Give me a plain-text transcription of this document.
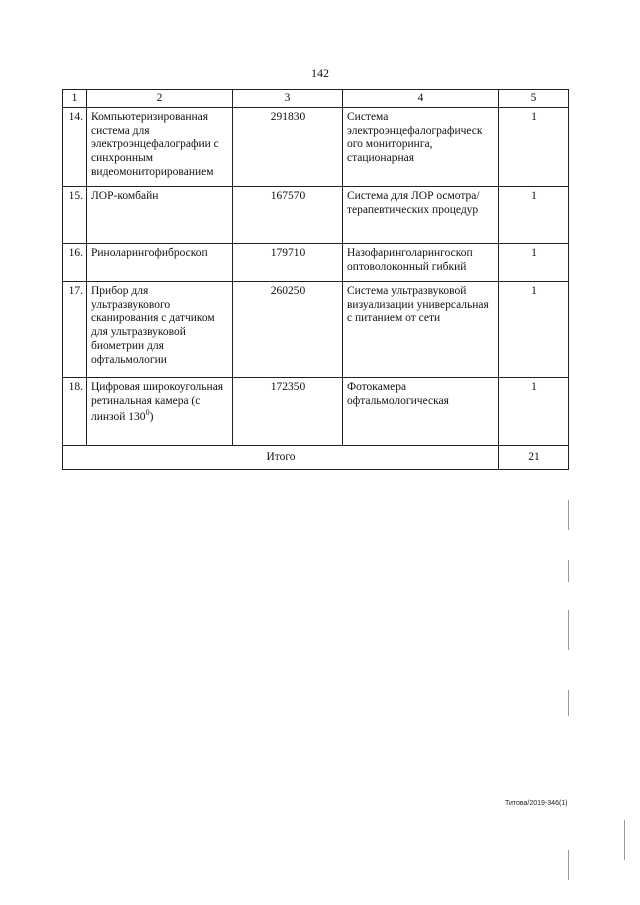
142
1	2	3	4	5
14.	Компьютеризированная система для электроэнцефалографии с синхронным видеомониторированием	291830	Система электроэнцефалографическ ого мониторинга, стационарная	1
15.	ЛОР-комбайн	167570	Система для ЛОР осмотра/терапевтических процедур	1
16.	Риноларингофиброскоп	179710	Назофаринголарингоскоп оптоволоконный гибкий	1
17.	Прибор для ультразвукового сканирования с датчиком для ультразвуковой биометрии для офтальмологии	260250	Система ультразвуковой визуализации универсальная с питанием от сети	1
18.	Цифровая широкоугольная ретинальная камера (с линзой $130^0$)	172350	Фотокамера офтальмологическая	1
Итого				21
Титова/2019-346(1)
